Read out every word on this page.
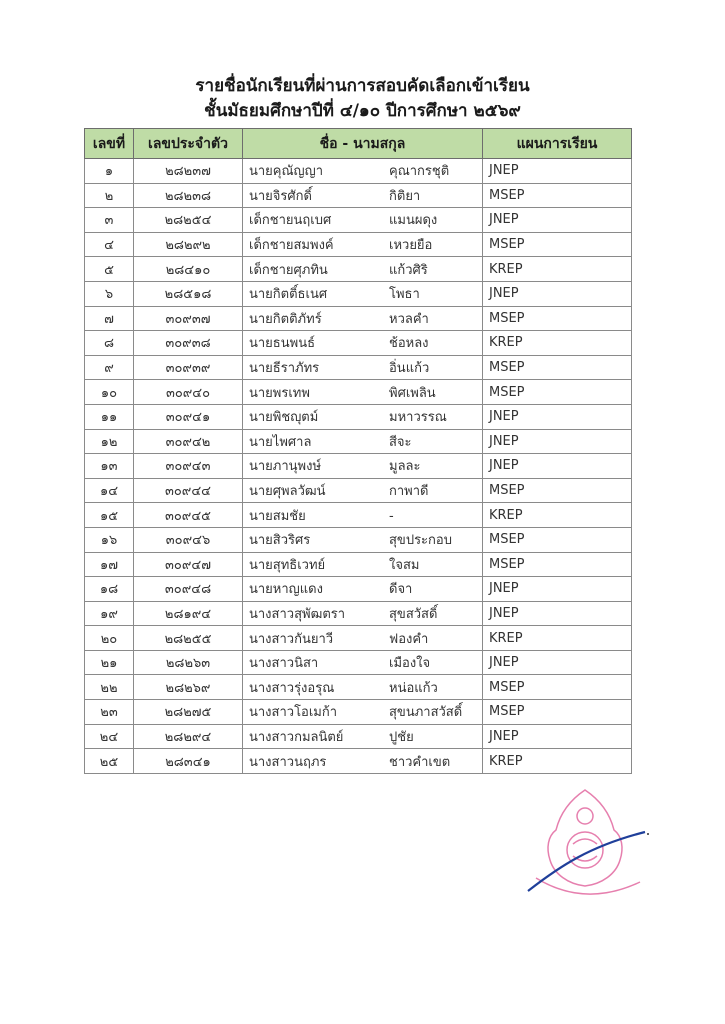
รายชื่อนักเรียนที่ผ่านการสอบคัดเลือกเข้าเรียน
ชั้นมัธยมศึกษาปีที่ ๔/๑๐ ปีการศึกษา ๒๕๖๙
เลขที่	เลขประจำตัว	ชื่อ - นามสกุล	แผนการเรียน
๑	๒๘๒๓๗	นายคุณัญญา คุณากรชุติ	JNEP
๒	๒๘๒๓๘	นายจิรศักดิ์ กิติยา	MSEP
๓	๒๘๒๕๔	เด็กชายนฤเบศ แมนผดุง	JNEP
๔	๒๘๒๙๒	เด็กชายสมพงค์ เหวยยือ	MSEP
๕	๒๘๔๑๐	เด็กชายศุภทิน แก้วศิริ	KREP
๖	๒๘๕๑๘	นายกิตติ์ธเนศ โพธา	JNEP
๗	๓๐๙๓๗	นายกิตติภัทร์ หวลคำ	MSEP
๘	๓๐๙๓๘	นายธนพนธ์ ช้อหลง	KREP
๙	๓๐๙๓๙	นายธีราภัทร อิ่นแก้ว	MSEP
๑๐	๓๐๙๔๐	นายพรเทพ พิศเพลิน	MSEP
๑๑	๓๐๙๔๑	นายพิชญุตม์ มหาวรรณ	JNEP
๑๒	๓๐๙๔๒	นายไพศาล สีจะ	JNEP
๑๓	๓๐๙๔๓	นายภานุพงษ์ มูลละ	JNEP
๑๔	๓๐๙๔๔	นายศุพลวัฒน์ กาพาดี	MSEP
๑๕	๓๐๙๔๕	นายสมชัย -	KREP
๑๖	๓๐๙๔๖	นายสิวริศร สุขประกอบ	MSEP
๑๗	๓๐๙๔๗	นายสุทธิเวทย์ ใจสม	MSEP
๑๘	๓๐๙๔๘	นายหาญแดง ดีจา	JNEP
๑๙	๒๘๑๙๔	นางสาวสุพัฒตรา สุขสวัสดิ์	JNEP
๒๐	๒๘๒๕๕	นางสาวกันยาวี ฟองคำ	KREP
๒๑	๒๘๒๖๓	นางสาวนิสา เมืองใจ	JNEP
๒๒	๒๘๒๖๙	นางสาวรุ่งอรุณ หน่อแก้ว	MSEP
๒๓	๒๘๒๗๕	นางสาวโอเมก้า สุขนภาสวัสดิ์	MSEP
๒๔	๒๘๒๙๔	นางสาวกมลนิตย์ ปูชัย	JNEP
๒๕	๒๘๓๔๑	นางสาวนฤภร ชาวคำเขต	KREP
